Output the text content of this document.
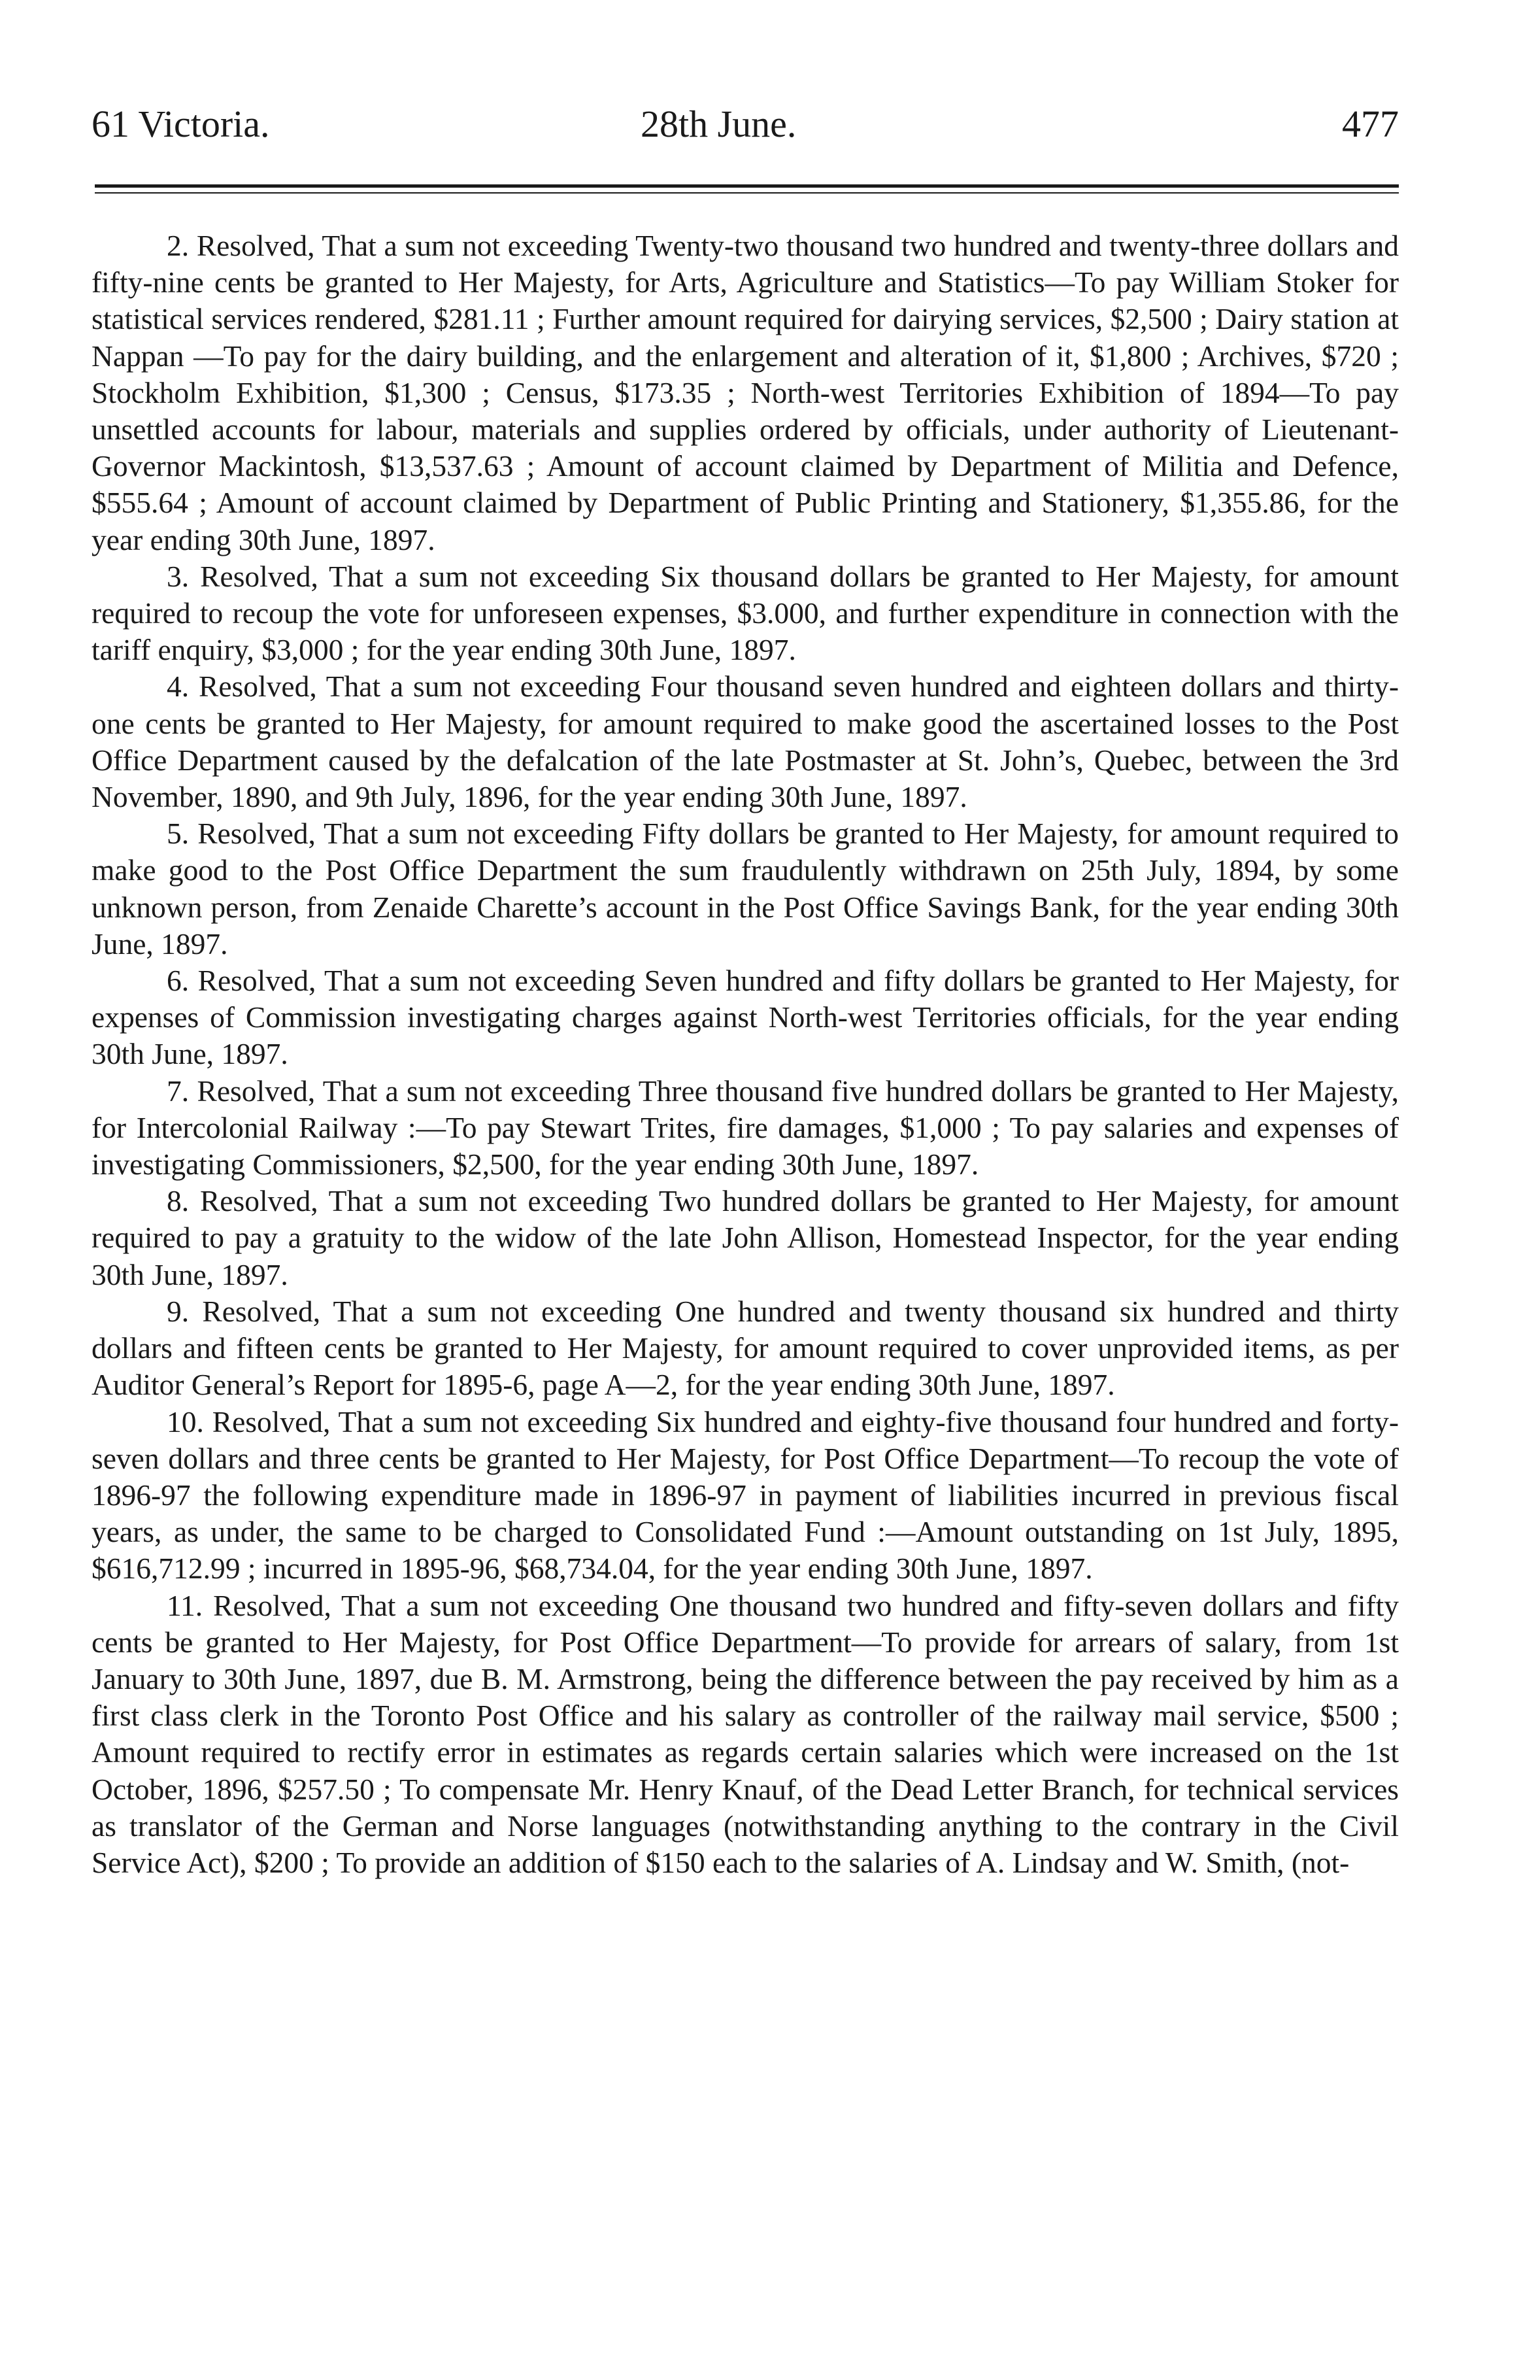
61 Victoria.	28th June.	477

2. Resolved, That a sum not exceeding Twenty-two thousand two hundred and twenty-three dollars and fifty-nine cents be granted to Her Majesty, for Arts, Agriculture and Statistics—To pay William Stoker for statistical services rendered, $281.11 ; Further amount required for dairying services, $2,500 ; Dairy station at Nappan —To pay for the dairy building, and the enlargement and alteration of it, $1,800 ; Archives, $720 ; Stockholm Exhibition, $1,300 ; Census, $173.35 ; North-west Territories Exhibition of 1894—To pay unsettled accounts for labour, materials and supplies ordered by officials, under authority of Lieutenant-Governor Mackintosh, $13,537.63 ; Amount of account claimed by Department of Militia and Defence, $555.64 ; Amount of account claimed by Department of Public Printing and Stationery, $1,355.86, for the year ending 30th June, 1897.

3. Resolved, That a sum not exceeding Six thousand dollars be granted to Her Majesty, for amount required to recoup the vote for unforeseen expenses, $3.000, and further expenditure in connection with the tariff enquiry, $3,000 ; for the year ending 30th June, 1897.

4. Resolved, That a sum not exceeding Four thousand seven hundred and eighteen dollars and thirty-one cents be granted to Her Majesty, for amount required to make good the ascertained losses to the Post Office Department caused by the defalcation of the late Postmaster at St. John’s, Quebec, between the 3rd November, 1890, and 9th July, 1896, for the year ending 30th June, 1897.

5. Resolved, That a sum not exceeding Fifty dollars be granted to Her Majesty, for amount required to make good to the Post Office Department the sum fraudulently withdrawn on 25th July, 1894, by some unknown person, from Zenaide Charette’s account in the Post Office Savings Bank, for the year ending 30th June, 1897.

6. Resolved, That a sum not exceeding Seven hundred and fifty dollars be granted to Her Majesty, for expenses of Commission investigating charges against North-west Territories officials, for the year ending 30th June, 1897.

7. Resolved, That a sum not exceeding Three thousand five hundred dollars be granted to Her Majesty, for Intercolonial Railway :—To pay Stewart Trites, fire damages, $1,000 ; To pay salaries and expenses of investigating Commissioners, $2,500, for the year ending 30th June, 1897.

8. Resolved, That a sum not exceeding Two hundred dollars be granted to Her Majesty, for amount required to pay a gratuity to the widow of the late John Allison, Homestead Inspector, for the year ending 30th June, 1897.

9. Resolved, That a sum not exceeding One hundred and twenty thousand six hundred and thirty dollars and fifteen cents be granted to Her Majesty, for amount required to cover unprovided items, as per Auditor General’s Report for 1895-6, page A—2, for the year ending 30th June, 1897.

10. Resolved, That a sum not exceeding Six hundred and eighty-five thousand four hundred and forty-seven dollars and three cents be granted to Her Majesty, for Post Office Department—To recoup the vote of 1896-97 the following expenditure made in 1896-97 in payment of liabilities incurred in previous fiscal years, as under, the same to be charged to Consolidated Fund :—Amount outstanding on 1st July, 1895, $616,712.99 ; incurred in 1895-96, $68,734.04, for the year ending 30th June, 1897.

11. Resolved, That a sum not exceeding One thousand two hundred and fifty-seven dollars and fifty cents be granted to Her Majesty, for Post Office Department—To provide for arrears of salary, from 1st January to 30th June, 1897, due B. M. Armstrong, being the difference between the pay received by him as a first class clerk in the Toronto Post Office and his salary as controller of the railway mail service, $500 ; Amount required to rectify error in estimates as regards certain salaries which were increased on the 1st October, 1896, $257.50 ; To compensate Mr. Henry Knauf, of the Dead Letter Branch, for technical services as translator of the German and Norse languages (notwithstanding anything to the contrary in the Civil Service Act), $200 ; To provide an addition of $150 each to the salaries of A. Lindsay and W. Smith, (not-
